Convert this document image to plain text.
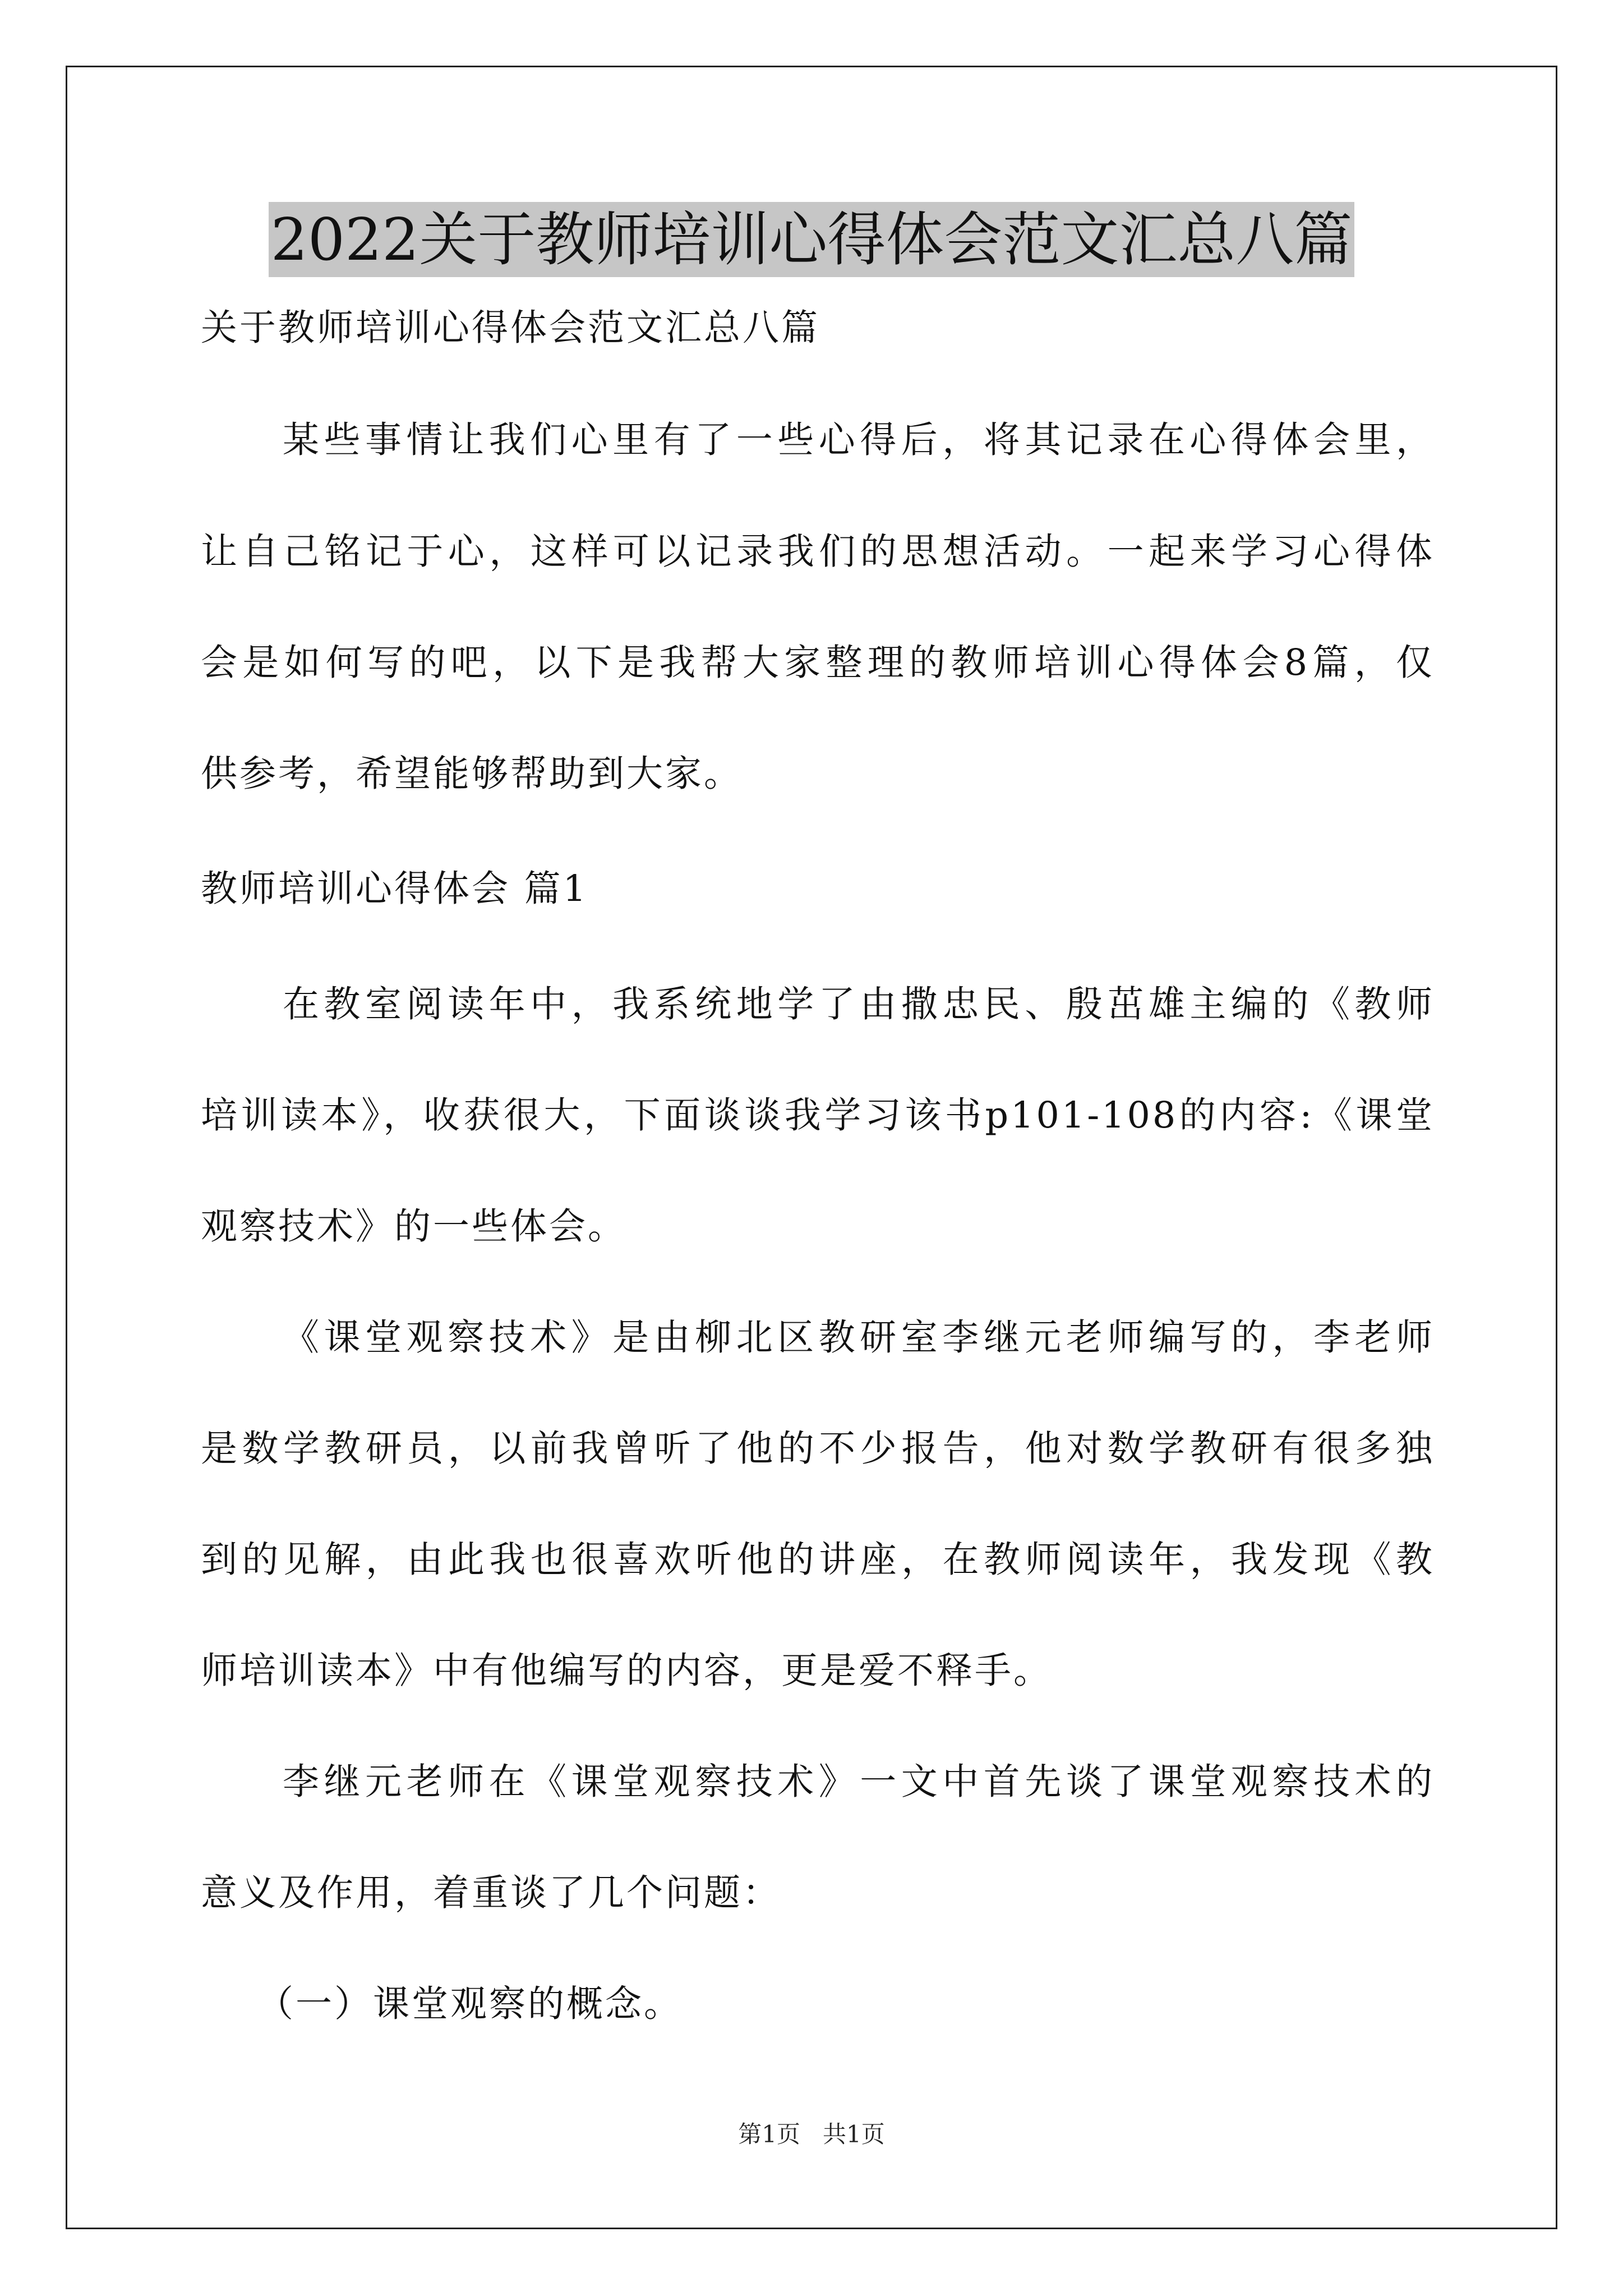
2022关于教师培训心得体会范文汇总八篇
关于教师培训心得体会范文汇总八篇
某些事情让我们心里有了一些心得后，将其记录在心得体会里，
让自己铭记于心，这样可以记录我们的思想活动。一起来学习心得体
会是如何写的吧，以下是我帮大家整理的教师培训心得体会8篇，仅
供参考，希望能够帮助到大家。
教师培训心得体会 篇1
在教室阅读年中，我系统地学了由撒忠民、殷茁雄主编的《教师
培训读本》，收获很大，下面谈谈我学习该书p101-108的内容:《课堂
观察技术》的一些体会。
《课堂观察技术》是由柳北区教研室李继元老师编写的，李老师
是数学教研员，以前我曾听了他的不少报告，他对数学教研有很多独
到的见解，由此我也很喜欢听他的讲座，在教师阅读年，我发现《教
师培训读本》中有他编写的内容，更是爱不释手。
李继元老师在《课堂观察技术》一文中首先谈了课堂观察技术的
意义及作用，着重谈了几个问题：
（一）课堂观察的概念。
第1页 共1页
